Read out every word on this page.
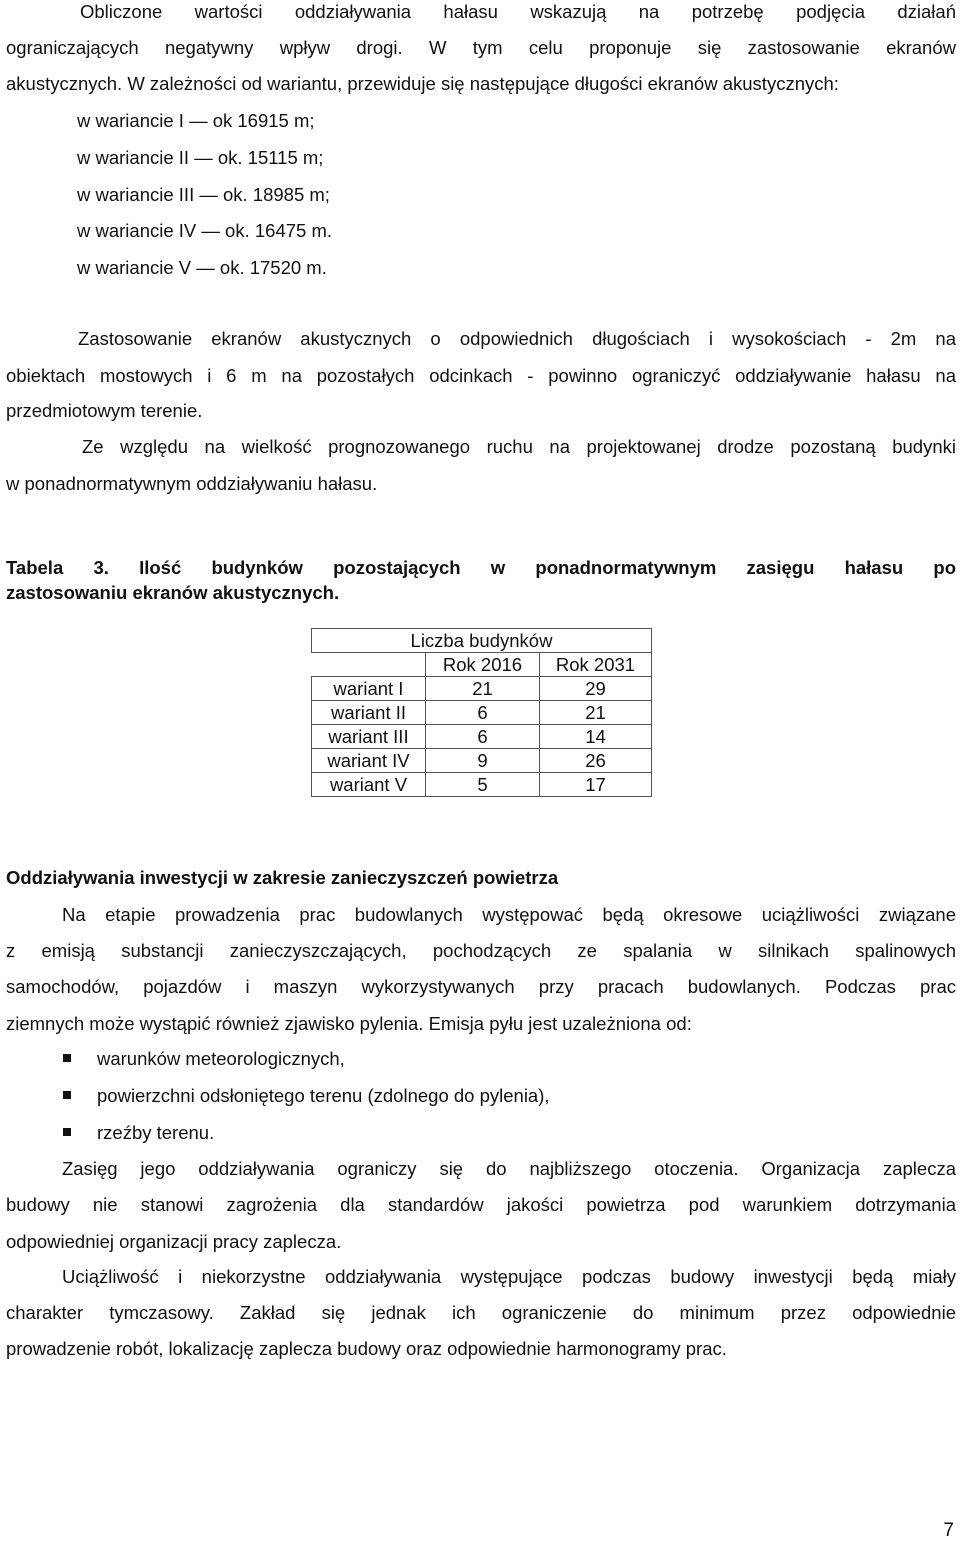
Obliczone wartości oddziaływania hałasu wskazują na potrzebę podjęcia działań
ograniczających negatywny wpływ drogi. W tym celu proponuje się zastosowanie ekranów
akustycznych. W zależności od wariantu, przewiduje się następujące długości ekranów akustycznych:
w wariancie I — ok 16915 m;
w wariancie II — ok. 15115 m;
w wariancie III — ok. 18985 m;
w wariancie IV — ok. 16475 m.
w wariancie V — ok. 17520 m.
Zastosowanie ekranów akustycznych o odpowiednich długościach i wysokościach - 2m na
obiektach mostowych i 6 m na pozostałych odcinkach - powinno ograniczyć oddziaływanie hałasu na
przedmiotowym terenie.
Ze względu na wielkość prognozowanego ruchu na projektowanej drodze pozostaną budynki
w ponadnormatywnym oddziaływaniu hałasu.
Tabela 3. Ilość budynków pozostających w ponadnormatywnym zasięgu hałasu po
zastosowaniu ekranów akustycznych.
Liczba budynków		
	Rok 2016	Rok 2031
wariant I	21	29
wariant II	6	21
wariant III	6	14
wariant IV	9	26
wariant V	5	17
Oddziaływania inwestycji w zakresie zanieczyszczeń powietrza
Na etapie prowadzenia prac budowlanych występować będą okresowe uciążliwości związane
z emisją substancji zanieczyszczających, pochodzących ze spalania w silnikach spalinowych
samochodów, pojazdów i maszyn wykorzystywanych przy pracach budowlanych. Podczas prac
ziemnych może wystąpić również zjawisko pylenia. Emisja pyłu jest uzależniona od:
warunków meteorologicznych,
powierzchni odsłoniętego terenu (zdolnego do pylenia),
rzeźby terenu.
Zasięg jego oddziaływania ograniczy się do najbliższego otoczenia. Organizacja zaplecza
budowy nie stanowi zagrożenia dla standardów jakości powietrza pod warunkiem dotrzymania
odpowiedniej organizacji pracy zaplecza.
Uciążliwość i niekorzystne oddziaływania występujące podczas budowy inwestycji będą miały
charakter tymczasowy. Zakład się jednak ich ograniczenie do minimum przez odpowiednie
prowadzenie robót, lokalizację zaplecza budowy oraz odpowiednie harmonogramy prac.
7
